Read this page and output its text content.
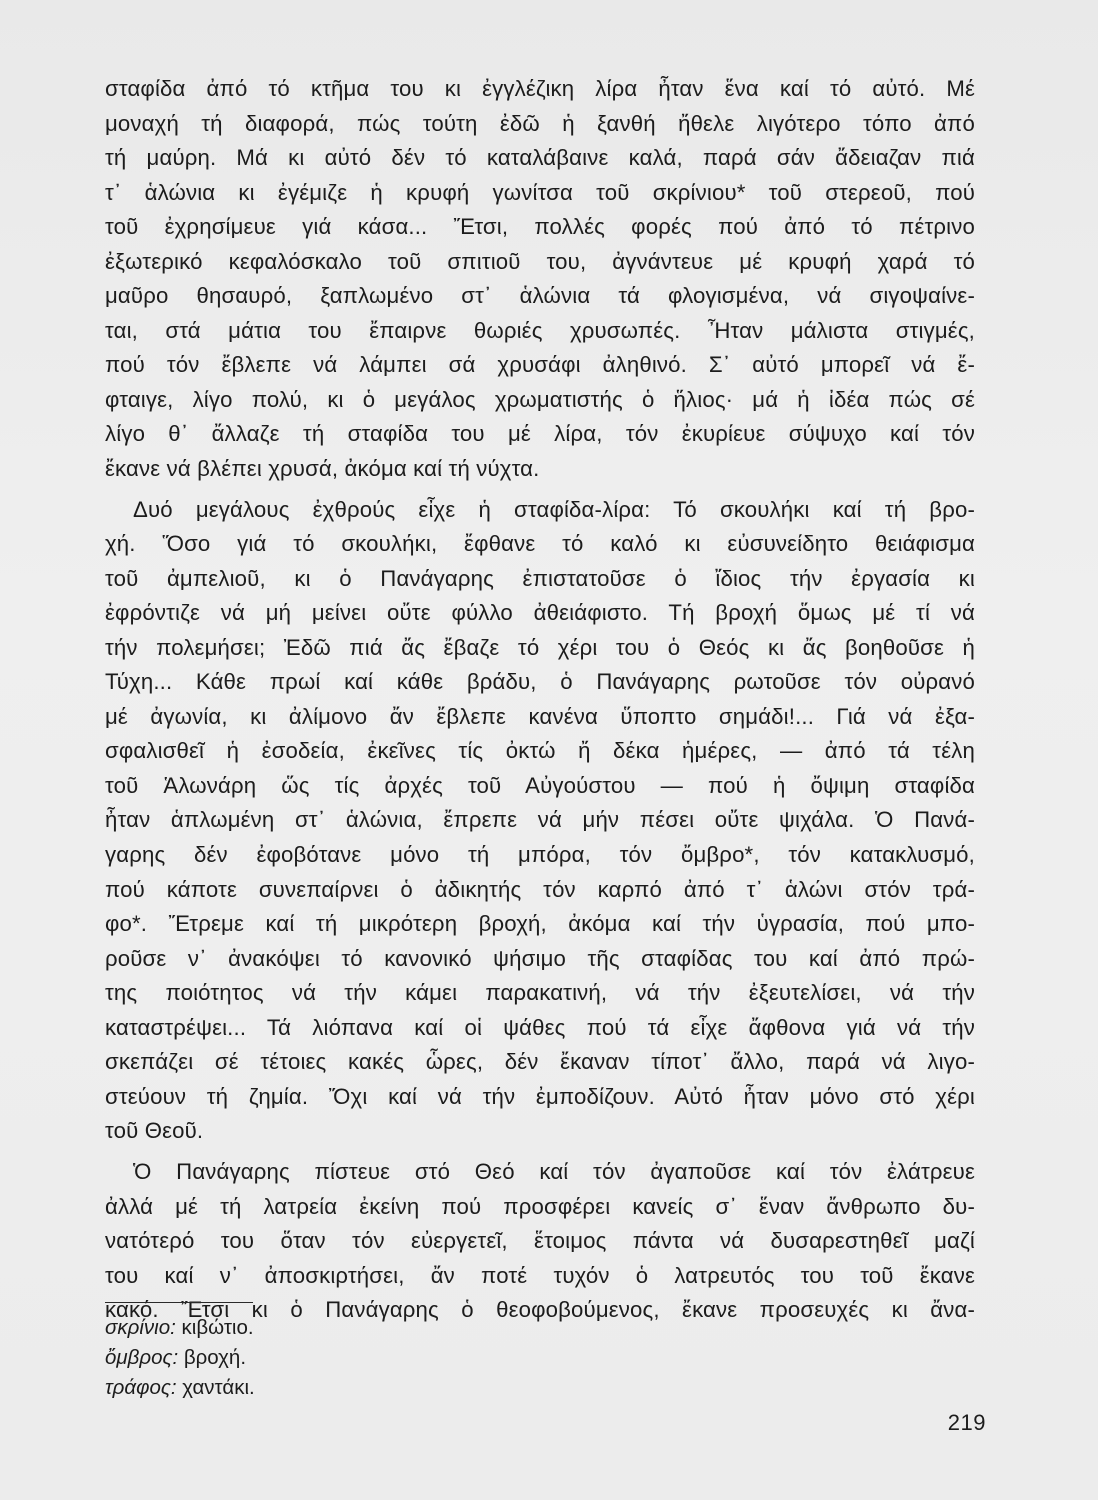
σταφίδα ἀπό τό κτῆμα του κι ἐγγλέζικη λίρα ἦταν ἕνα καί τό αὐτό. Μέ
μοναχή τή διαφορά, πώς τούτη ἐδῶ ἡ ξανθή ἤθελε λιγότερο τόπο ἀπό
τή μαύρη. Μά κι αὐτό δέν τό καταλάβαινε καλά, παρά σάν ἄδειαζαν πιά
τ᾽ ἁλώνια κι ἐγέμιζε ἡ κρυφή γωνίτσα τοῦ σκρίνιου* τοῦ στερεοῦ, πού
τοῦ ἐχρησίμευε γιά κάσα... Ἔτσι, πολλές φορές πού ἀπό τό πέτρινο
ἐξωτερικό κεφαλόσκαλο τοῦ σπιτιοῦ του, ἀγνάντευε μέ κρυφή χαρά τό
μαῦρο θησαυρό, ξαπλωμένο στ᾽ ἁλώνια τά φλογισμένα, νά σιγοψαίνε-
ται, στά μάτια του ἔπαιρνε θωριές χρυσωπές. Ἦταν μάλιστα στιγμές,
πού τόν ἔβλεπε νά λάμπει σά χρυσάφι ἀληθινό. Σ᾽ αὐτό μπορεῖ νά ἔ-
φταιγε, λίγο πολύ, κι ὁ μεγάλος χρωματιστής ὁ ἥλιος· μά ἡ ἰδέα πώς σέ
λίγο θ᾽ ἄλλαζε τή σταφίδα του μέ λίρα, τόν ἐκυρίευε σύψυχο καί τόν
ἔκανε νά βλέπει χρυσά, ἀκόμα καί τή νύχτα.
Δυό μεγάλους ἐχθρούς εἶχε ἡ σταφίδα-λίρα: Τό σκουλήκι καί τή βρο-
χή. Ὅσο γιά τό σκουλήκι, ἔφθανε τό καλό κι εὐσυνείδητο θειάφισμα
τοῦ ἀμπελιοῦ, κι ὁ Πανάγαρης ἐπιστατοῦσε ὁ ἴδιος τήν ἐργασία κι
ἐφρόντιζε νά μή μείνει οὔτε φύλλο ἀθειάφιστο. Τή βροχή ὅμως μέ τί νά
τήν πολεμήσει; Ἐδῶ πιά ἄς ἔβαζε τό χέρι του ὁ Θεός κι ἄς βοηθοῦσε ἡ
Τύχη... Κάθε πρωί καί κάθε βράδυ, ὁ Πανάγαρης ρωτοῦσε τόν οὐρανό
μέ ἀγωνία, κι ἀλίμονο ἄν ἔβλεπε κανένα ὕποπτο σημάδι!... Γιά νά ἐξα-
σφαλισθεῖ ἡ ἐσοδεία, ἐκεῖνες τίς ὀκτώ ἤ δέκα ἡμέρες, — ἀπό τά τέλη
τοῦ Ἁλωνάρη ὥς τίς ἀρχές τοῦ Αὐγούστου — πού ἡ ὄψιμη σταφίδα
ἦταν ἁπλωμένη στ᾽ ἁλώνια, ἔπρεπε νά μήν πέσει οὔτε ψιχάλα. Ὁ Πανά-
γαρης δέν ἐφοβότανε μόνο τή μπόρα, τόν ὄμβρο*, τόν κατακλυσμό,
πού κάποτε συνεπαίρνει ὁ ἀδικητής τόν καρπό ἀπό τ᾽ ἁλώνι στόν τρά-
φο*. Ἔτρεμε καί τή μικρότερη βροχή, ἀκόμα καί τήν ὑγρασία, πού μπο-
ροῦσε ν᾽ ἀνακόψει τό κανονικό ψήσιμο τῆς σταφίδας του καί ἀπό πρώ-
της ποιότητος νά τήν κάμει παρακατινή, νά τήν ἐξευτελίσει, νά τήν
καταστρέψει... Τά λιόπανα καί οἱ ψάθες πού τά εἶχε ἄφθονα γιά νά τήν
σκεπάζει σέ τέτοιες κακές ὧρες, δέν ἔκαναν τίποτ᾽ ἄλλο, παρά νά λιγο-
στεύουν τή ζημία. Ὄχι καί νά τήν ἐμποδίζουν. Αὐτό ἦταν μόνο στό χέρι
τοῦ Θεοῦ.
Ὁ Πανάγαρης πίστευε στό Θεό καί τόν ἀγαποῦσε καί τόν ἐλάτρευε
ἀλλά μέ τή λατρεία ἐκείνη πού προσφέρει κανείς σ᾽ ἕναν ἄνθρωπο δυ-
νατότερό του ὅταν τόν εὐεργετεῖ, ἕτοιμος πάντα νά δυσαρεστηθεῖ μαζί
του καί ν᾽ ἀποσκιρτήσει, ἄν ποτέ τυχόν ὁ λατρευτός του τοῦ ἔκανε
κακό. Ἔτσι κι ὁ Πανάγαρης ὁ θεοφοβούμενος, ἔκανε προσευχές κι ἄνα-
σκρίνιο: κιβώτιο.
ὄμβρος: βροχή.
τράφος: χαντάκι.
219
